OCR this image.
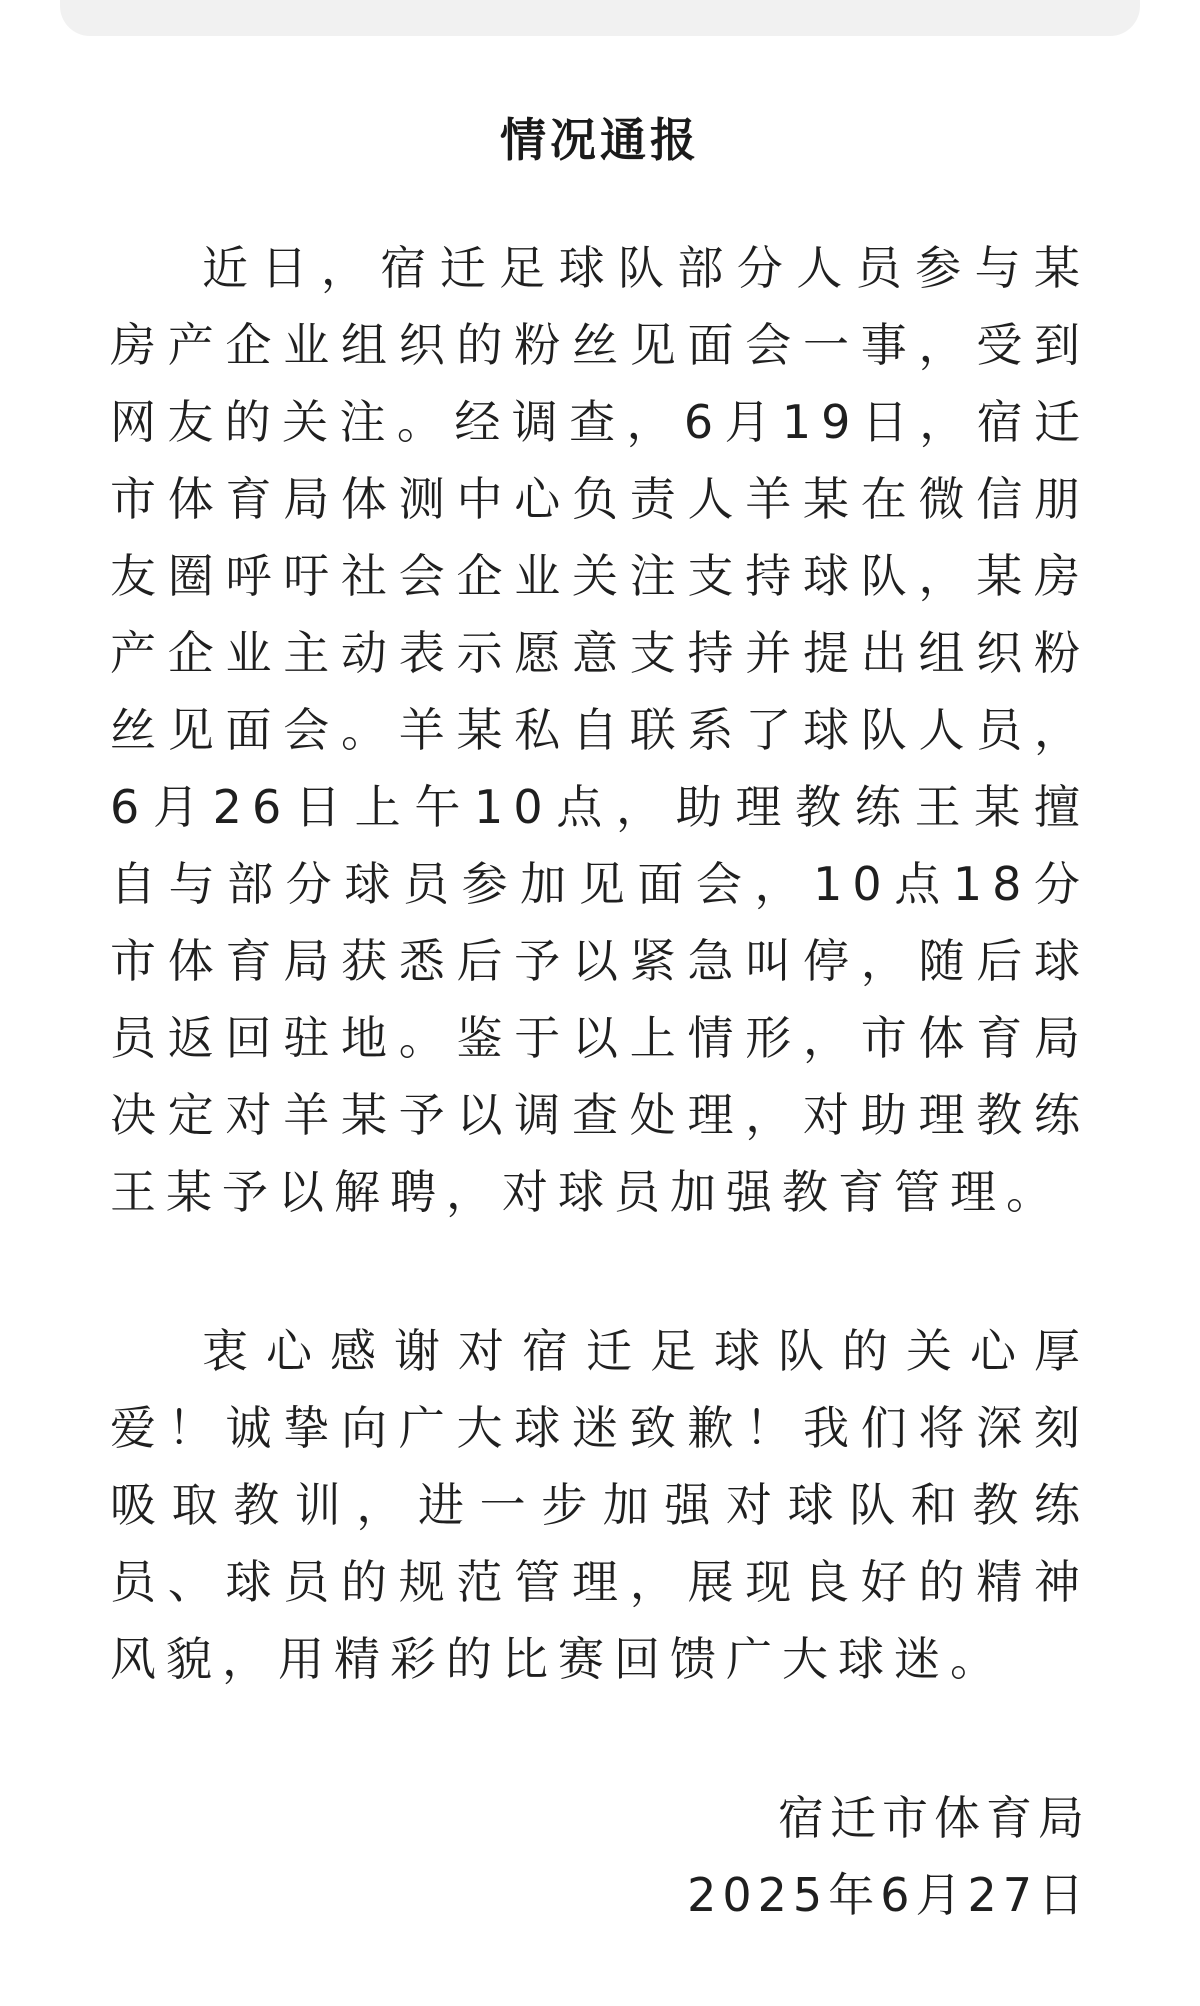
情况通报

近日，宿迁足球队部分人员参与某房产企业组织的粉丝见面会一事，受到网友的关注。经调查，6月19日，宿迁市体育局体测中心负责人羊某在微信朋友圈呼吁社会企业关注支持球队，某房产企业主动表示愿意支持并提出组织粉丝见面会。羊某私自联系了球队人员，6月26日上午10点，助理教练王某擅自与部分球员参加见面会，10点18分市体育局获悉后予以紧急叫停，随后球员返回驻地。鉴于以上情形，市体育局决定对羊某予以调查处理，对助理教练王某予以解聘，对球员加强教育管理。

衷心感谢对宿迁足球队的关心厚爱！诚挚向广大球迷致歉！我们将深刻吸取教训，进一步加强对球队和教练员、球员的规范管理，展现良好的精神风貌，用精彩的比赛回馈广大球迷。

宿迁市体育局
2025年6月27日
